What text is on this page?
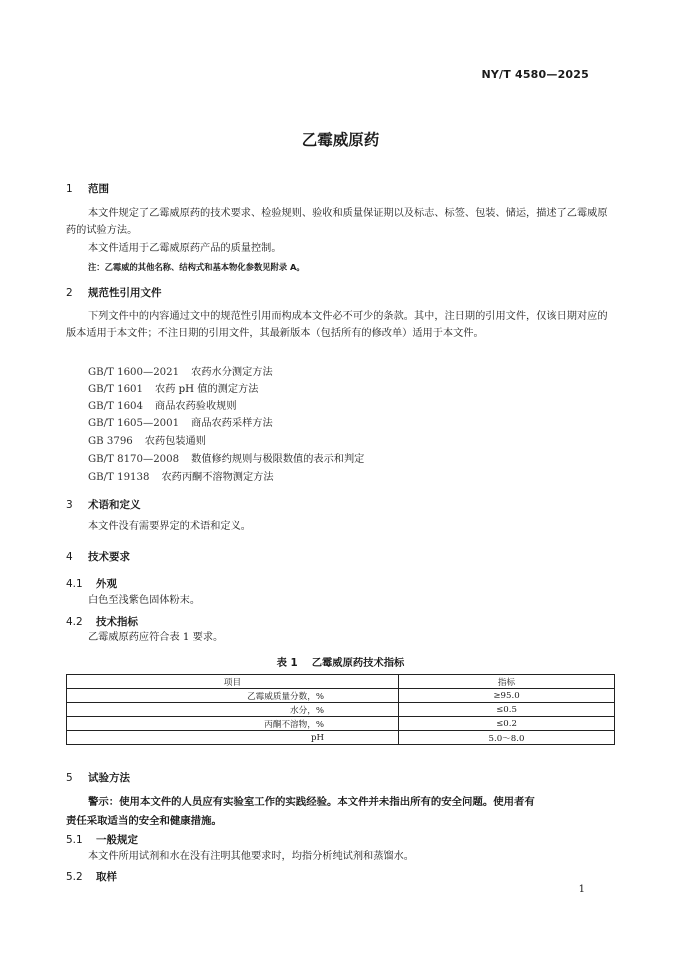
NY/T 4580—2025
乙霉威原药
1 范围
本文件规定了乙霉威原药的技术要求、检验规则、验收和质量保证期以及标志、标签、包装、储运，描述了乙霉威原药的试验方法。
本文件适用于乙霉威原药产品的质量控制。
注：乙霉威的其他名称、结构式和基本物化参数见附录 A。
2 规范性引用文件
下列文件中的内容通过文中的规范性引用而构成本文件必不可少的条款。其中，注日期的引用文件，仅该日期对应的版本适用于本文件；不注日期的引用文件，其最新版本（包括所有的修改单）适用于本文件。
GB/T 1600—2021 农药水分测定方法
GB/T 1601 农药 pH 值的测定方法
GB/T 1604 商品农药验收规则
GB/T 1605—2001 商品农药采样方法
GB 3796 农药包装通则
GB/T 8170—2008 数值修约规则与极限数值的表示和判定
GB/T 19138 农药丙酮不溶物测定方法
3 术语和定义
本文件没有需要界定的术语和定义。
4 技术要求
4.1 外观
白色至浅紫色固体粉末。
4.2 技术指标
乙霉威原药应符合表 1 要求。
表 1 乙霉威原药技术指标
项目	指标
乙霉威质量分数，%	≥95.0
水分，%	≤0.5
丙酮不溶物，%	≤0.2
pH	5.0～8.0
5 试验方法
警示：使用本文件的人员应有实验室工作的实践经验。本文件并未指出所有的安全问题。使用者有
责任采取适当的安全和健康措施。
5.1 一般规定
本文件所用试剂和水在没有注明其他要求时，均指分析纯试剂和蒸馏水。
5.2 取样
1
